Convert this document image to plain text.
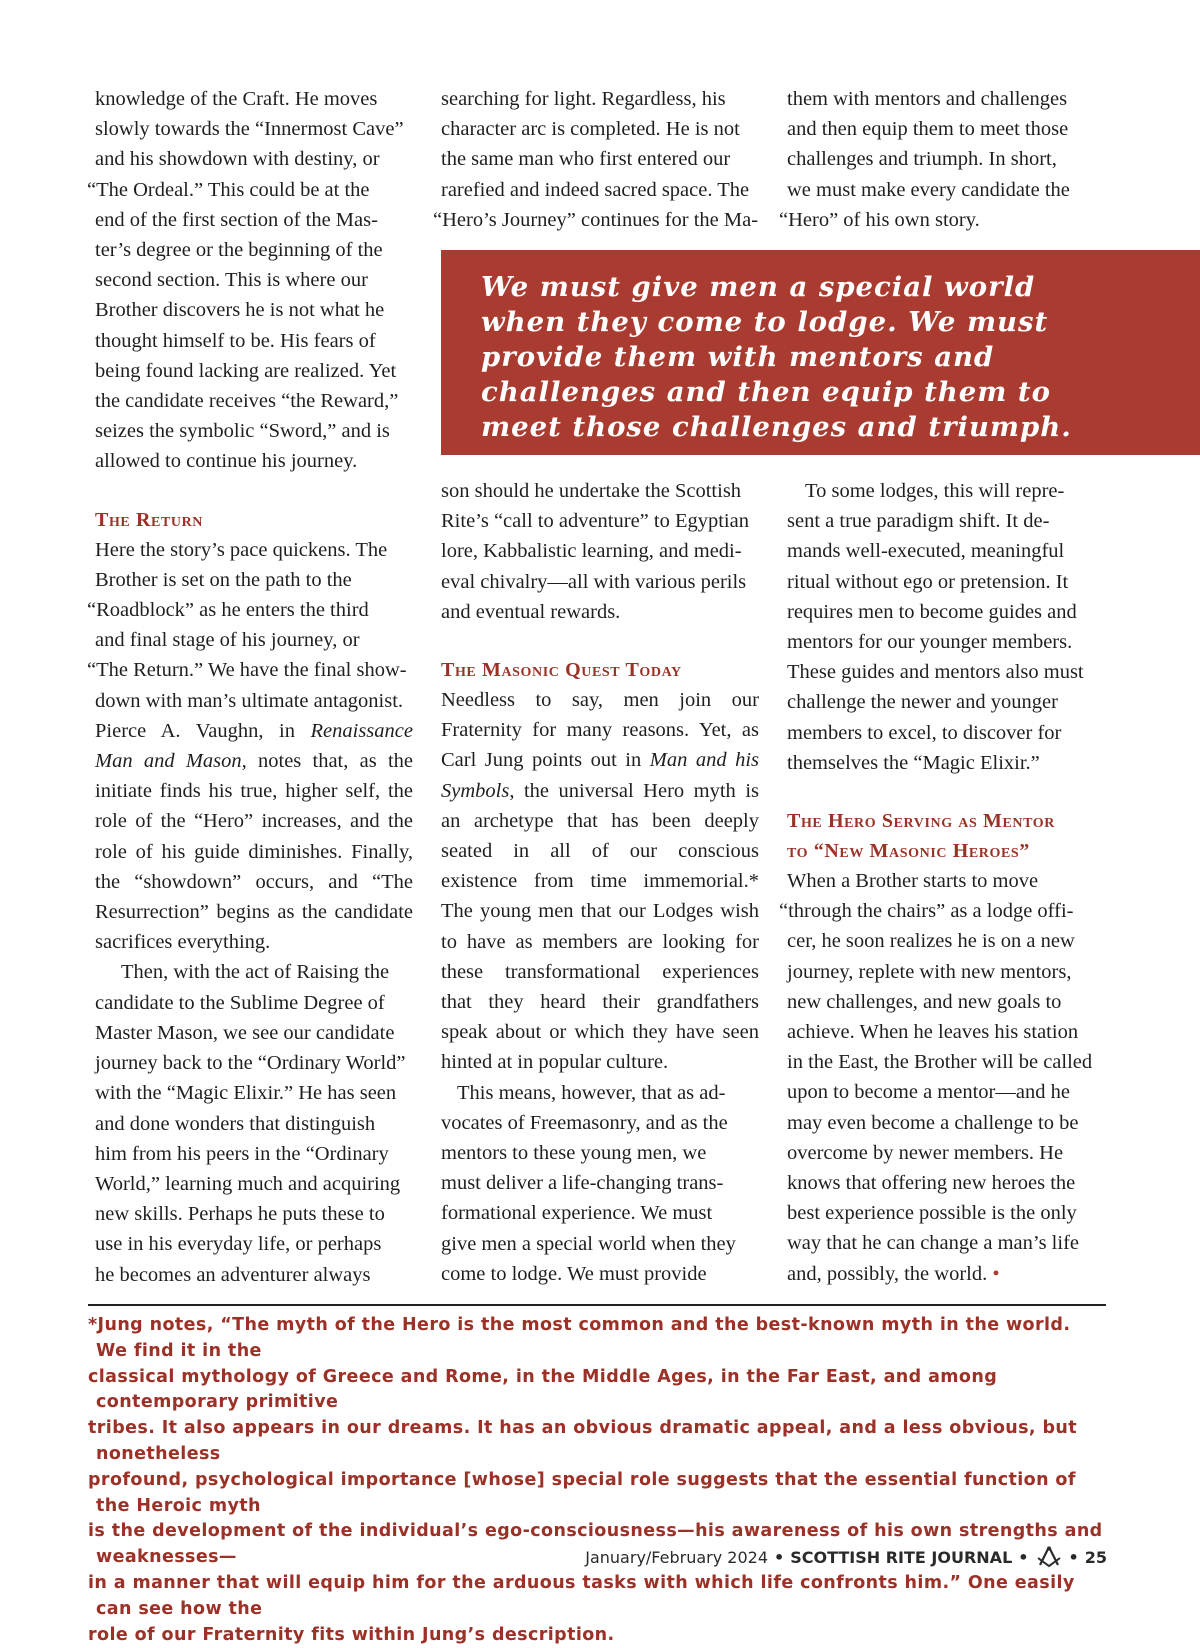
knowledge of the Craft. He moves
slowly towards the “Innermost Cave”
and his showdown with destiny, or
“The Ordeal.” This could be at the
end of the first section of the Mas-
ter’s degree or the beginning of the
second section. This is where our
Brother discovers he is not what he
thought himself to be. His fears of
being found lacking are realized. Yet
the candidate receives “the Reward,”
seizes the symbolic “Sword,” and is
allowed to continue his journey.
The Return
Here the story’s pace quickens. The
Brother is set on the path to the
“Roadblock” as he enters the third
and final stage of his journey, or
“The Return.” We have the final show-
down with man’s ultimate antagonist.

Pierce A. Vaughn, in Renaissance Man and Mason, notes that, as the initiate finds his true, higher self, the role of the “Hero” increases, and the role of his guide diminishes. Finally, the “showdown” occurs, and “The Resurrection” begins as the candidate sacrifices everything.

Then, with the act of Raising the
candidate to the Sublime Degree of
Master Mason, we see our candidate
journey back to the “Ordinary World”
with the “Magic Elixir.” He has seen
and done wonders that distinguish
him from his peers in the “Ordinary
World,” learning much and acquiring
new skills. Perhaps he puts these to
use in his everyday life, or perhaps
he becomes an adventurer always
searching for light. Regardless, his
character arc is completed. He is not
the same man who first entered our
rarefied and indeed sacred space. The
“Hero’s Journey” continues for the Ma-
them with mentors and challenges
and then equip them to meet those
challenges and triumph. In short,
we must make every candidate the
“Hero” of his own story.
We must give men a special world
when they come to lodge. We must
provide them with mentors and
challenges and then equip them to
meet those challenges and triumph.
son should he undertake the Scottish
Rite’s “call to adventure” to Egyptian
lore, Kabbalistic learning, and medi-
eval chivalry—all with various perils
and eventual rewards.
The Masonic Quest Today

Needless to say, men join our Fraternity for many reasons. Yet, as Carl Jung points out in Man and his Symbols, the universal Hero myth is an archetype that has been deeply seated in all of our conscious existence from time immemorial.* The young men that our Lodges wish to have as members are looking for these transformational experiences that they heard their grandfathers speak about or which they have seen hinted at in popular culture.

This means, however, that as ad-
vocates of Freemasonry, and as the
mentors to these young men, we
must deliver a life-changing trans-
formational experience. We must
give men a special world when they
come to lodge. We must provide
To some lodges, this will repre-
sent a true paradigm shift. It de-
mands well-executed, meaningful
ritual without ego or pretension. It
requires men to become guides and
mentors for our younger members.
These guides and mentors also must
challenge the newer and younger
members to excel, to discover for
themselves the “Magic Elixir.”
The Hero Serving as Mentor
to “New Masonic Heroes”
When a Brother starts to move
“through the chairs” as a lodge offi-
cer, he soon realizes he is on a new
journey, replete with new mentors,
new challenges, and new goals to
achieve. When he leaves his station
in the East, the Brother will be called
upon to become a mentor—and he
may even become a challenge to be
overcome by newer members. He
knows that offering new heroes the
best experience possible is the only
way that he can change a man’s life
and, possibly, the world. •
*Jung notes, “The myth of the Hero is the most common and the best-known myth in the world. We find it in the
classical mythology of Greece and Rome, in the Middle Ages, in the Far East, and among contemporary primitive
tribes. It also appears in our dreams. It has an obvious dramatic appeal, and a less obvious, but nonetheless
profound, psychological importance [whose] special role suggests that the essential function of the Heroic myth
is the development of the individual’s ego-consciousness—his awareness of his own strengths and weaknesses—
in a manner that will equip him for the arduous tasks with which life confronts him.” One easily can see how the
role of our Fraternity fits within Jung’s description.
January/February 2024 • SCOTTISH RITE JOURNAL •	• 25
